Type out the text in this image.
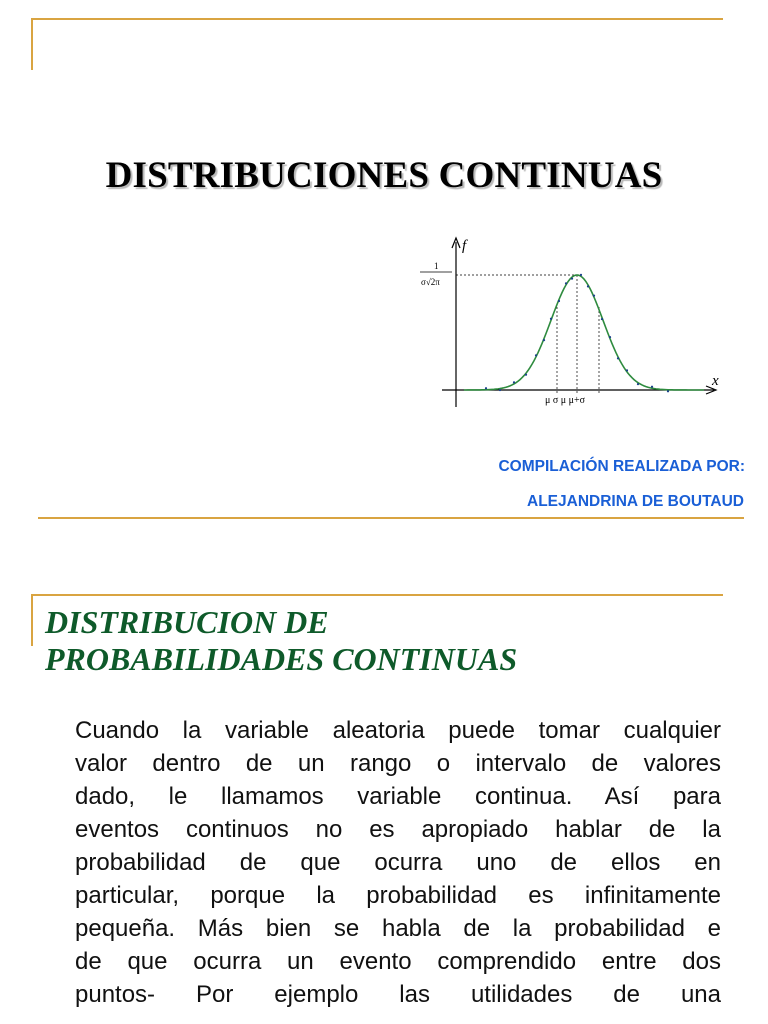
DISTRIBUCIONES CONTINUAS
f
x
1
σ√2π
μ σ μ μ+σ
COMPILACIÓN REALIZADA POR:
ALEJANDRINA DE BOUTAUD
DISTRIBUCION DE
PROBABILIDADES CONTINUAS
Cuando la variable aleatoria puede tomar cualquier
valor dentro de un rango o intervalo de valores
dado, le llamamos variable continua. Así para
eventos continuos no es apropiado hablar de la
probabilidad de que ocurra uno de ellos en
particular, porque la probabilidad es infinitamente
pequeña. Más bien se habla de la probabilidad e
de que ocurra un evento comprendido entre dos
puntos- Por ejemplo las utilidades de una
